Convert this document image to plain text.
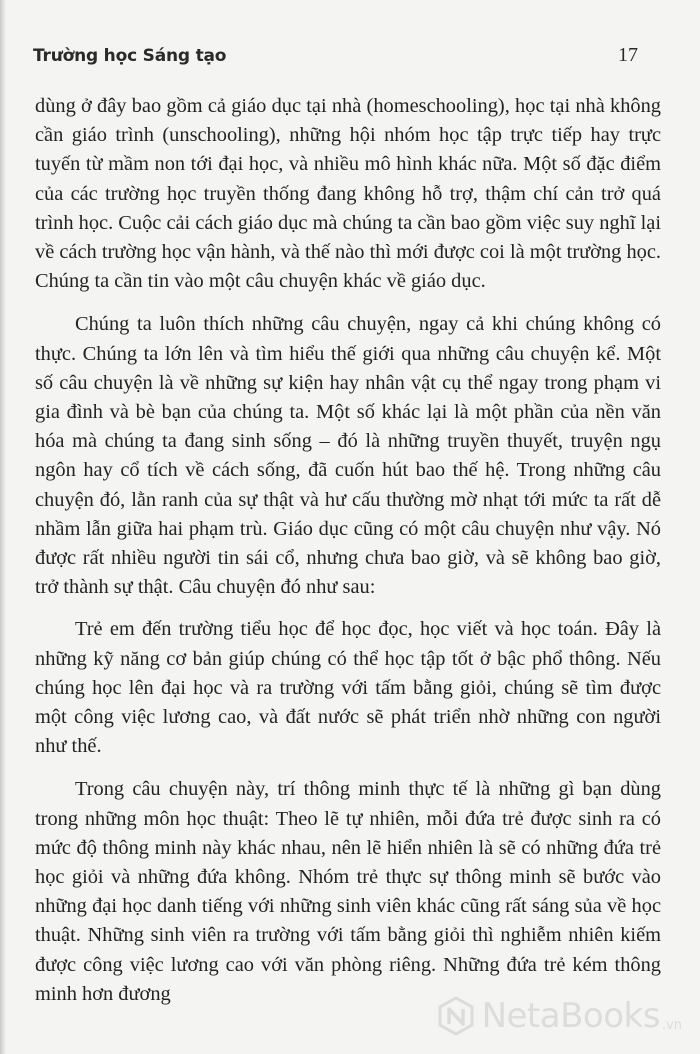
Trường học Sáng tạo	17

dùng ở đây bao gồm cả giáo dục tại nhà (homeschooling), học tại nhà không cần giáo trình (unschooling), những hội nhóm học tập trực tiếp hay trực tuyến từ mầm non tới đại học, và nhiều mô hình khác nữa. Một số đặc điểm của các trường học truyền thống đang không hỗ trợ, thậm chí cản trở quá trình học. Cuộc cải cách giáo dục mà chúng ta cần bao gồm việc suy nghĩ lại về cách trường học vận hành, và thế nào thì mới được coi là một trường học. Chúng ta cần tin vào một câu chuyện khác về giáo dục.

Chúng ta luôn thích những câu chuyện, ngay cả khi chúng không có thực. Chúng ta lớn lên và tìm hiểu thế giới qua những câu chuyện kể. Một số câu chuyện là về những sự kiện hay nhân vật cụ thể ngay trong phạm vi gia đình và bè bạn của chúng ta. Một số khác lại là một phần của nền văn hóa mà chúng ta đang sinh sống – đó là những truyền thuyết, truyện ngụ ngôn hay cổ tích về cách sống, đã cuốn hút bao thế hệ. Trong những câu chuyện đó, lằn ranh của sự thật và hư cấu thường mờ nhạt tới mức ta rất dễ nhầm lẫn giữa hai phạm trù. Giáo dục cũng có một câu chuyện như vậy. Nó được rất nhiều người tin sái cổ, nhưng chưa bao giờ, và sẽ không bao giờ, trở thành sự thật. Câu chuyện đó như sau:

Trẻ em đến trường tiểu học để học đọc, học viết và học toán. Đây là những kỹ năng cơ bản giúp chúng có thể học tập tốt ở bậc phổ thông. Nếu chúng học lên đại học và ra trường với tấm bằng giỏi, chúng sẽ tìm được một công việc lương cao, và đất nước sẽ phát triển nhờ những con người như thế.

Trong câu chuyện này, trí thông minh thực tế là những gì bạn dùng trong những môn học thuật: Theo lẽ tự nhiên, mỗi đứa trẻ được sinh ra có mức độ thông minh này khác nhau, nên lẽ hiển nhiên là sẽ có những đứa trẻ học giỏi và những đứa không. Nhóm trẻ thực sự thông minh sẽ bước vào những đại học danh tiếng với những sinh viên khác cũng rất sáng sủa về học thuật. Những sinh viên ra trường với tấm bằng giỏi thì nghiễm nhiên kiếm được công việc lương cao với văn phòng riêng. Những đứa trẻ kém thông minh hơn đương

NetaBooks .vn
